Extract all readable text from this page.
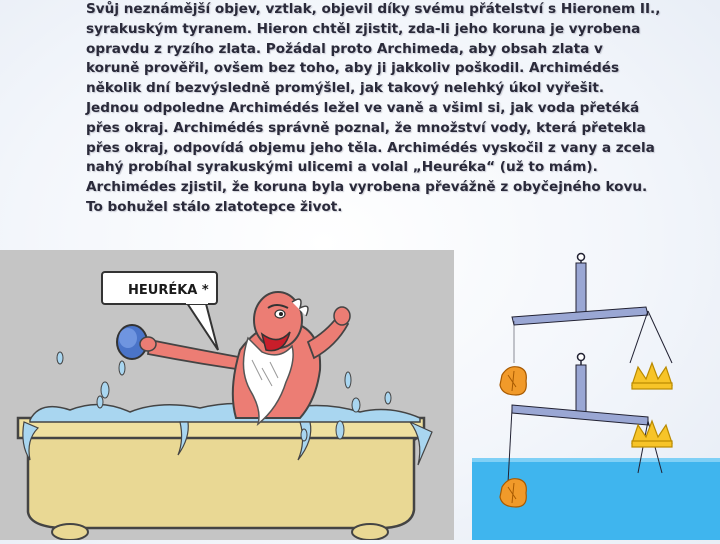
Svůj neznámější objev, vztlak, objevil díky svému přátelství s Hieronem II.,

syrakuským tyranem. Hieron chtěl zjistit, zda-li jeho koruna je vyrobena

opravdu z ryzího zlata. Požádal proto Archimeda, aby obsah zlata v

koruně prověřil, ovšem bez toho, aby ji jakkoliv poškodil. Archimédés

několik dní bezvýsledně promýšlel, jak takový nelehký úkol vyřešit.

Jednou odpoledne Archimédés ležel ve vaně a všiml si, jak voda přetéká

přes okraj. Archimédés správně poznal, že množství vody, která přetekla

přes okraj, odpovídá objemu jeho těla. Archimédés vyskočil z vany a zcela

nahý probíhal syrakuskými ulicemi a volal „Heuréka“ (už to mám).

Archimédes zjistil, že koruna byla vyrobena převážně z obyčejného kovu.

To bohužel stálo zlatotepce život.

HEURÉKA *
